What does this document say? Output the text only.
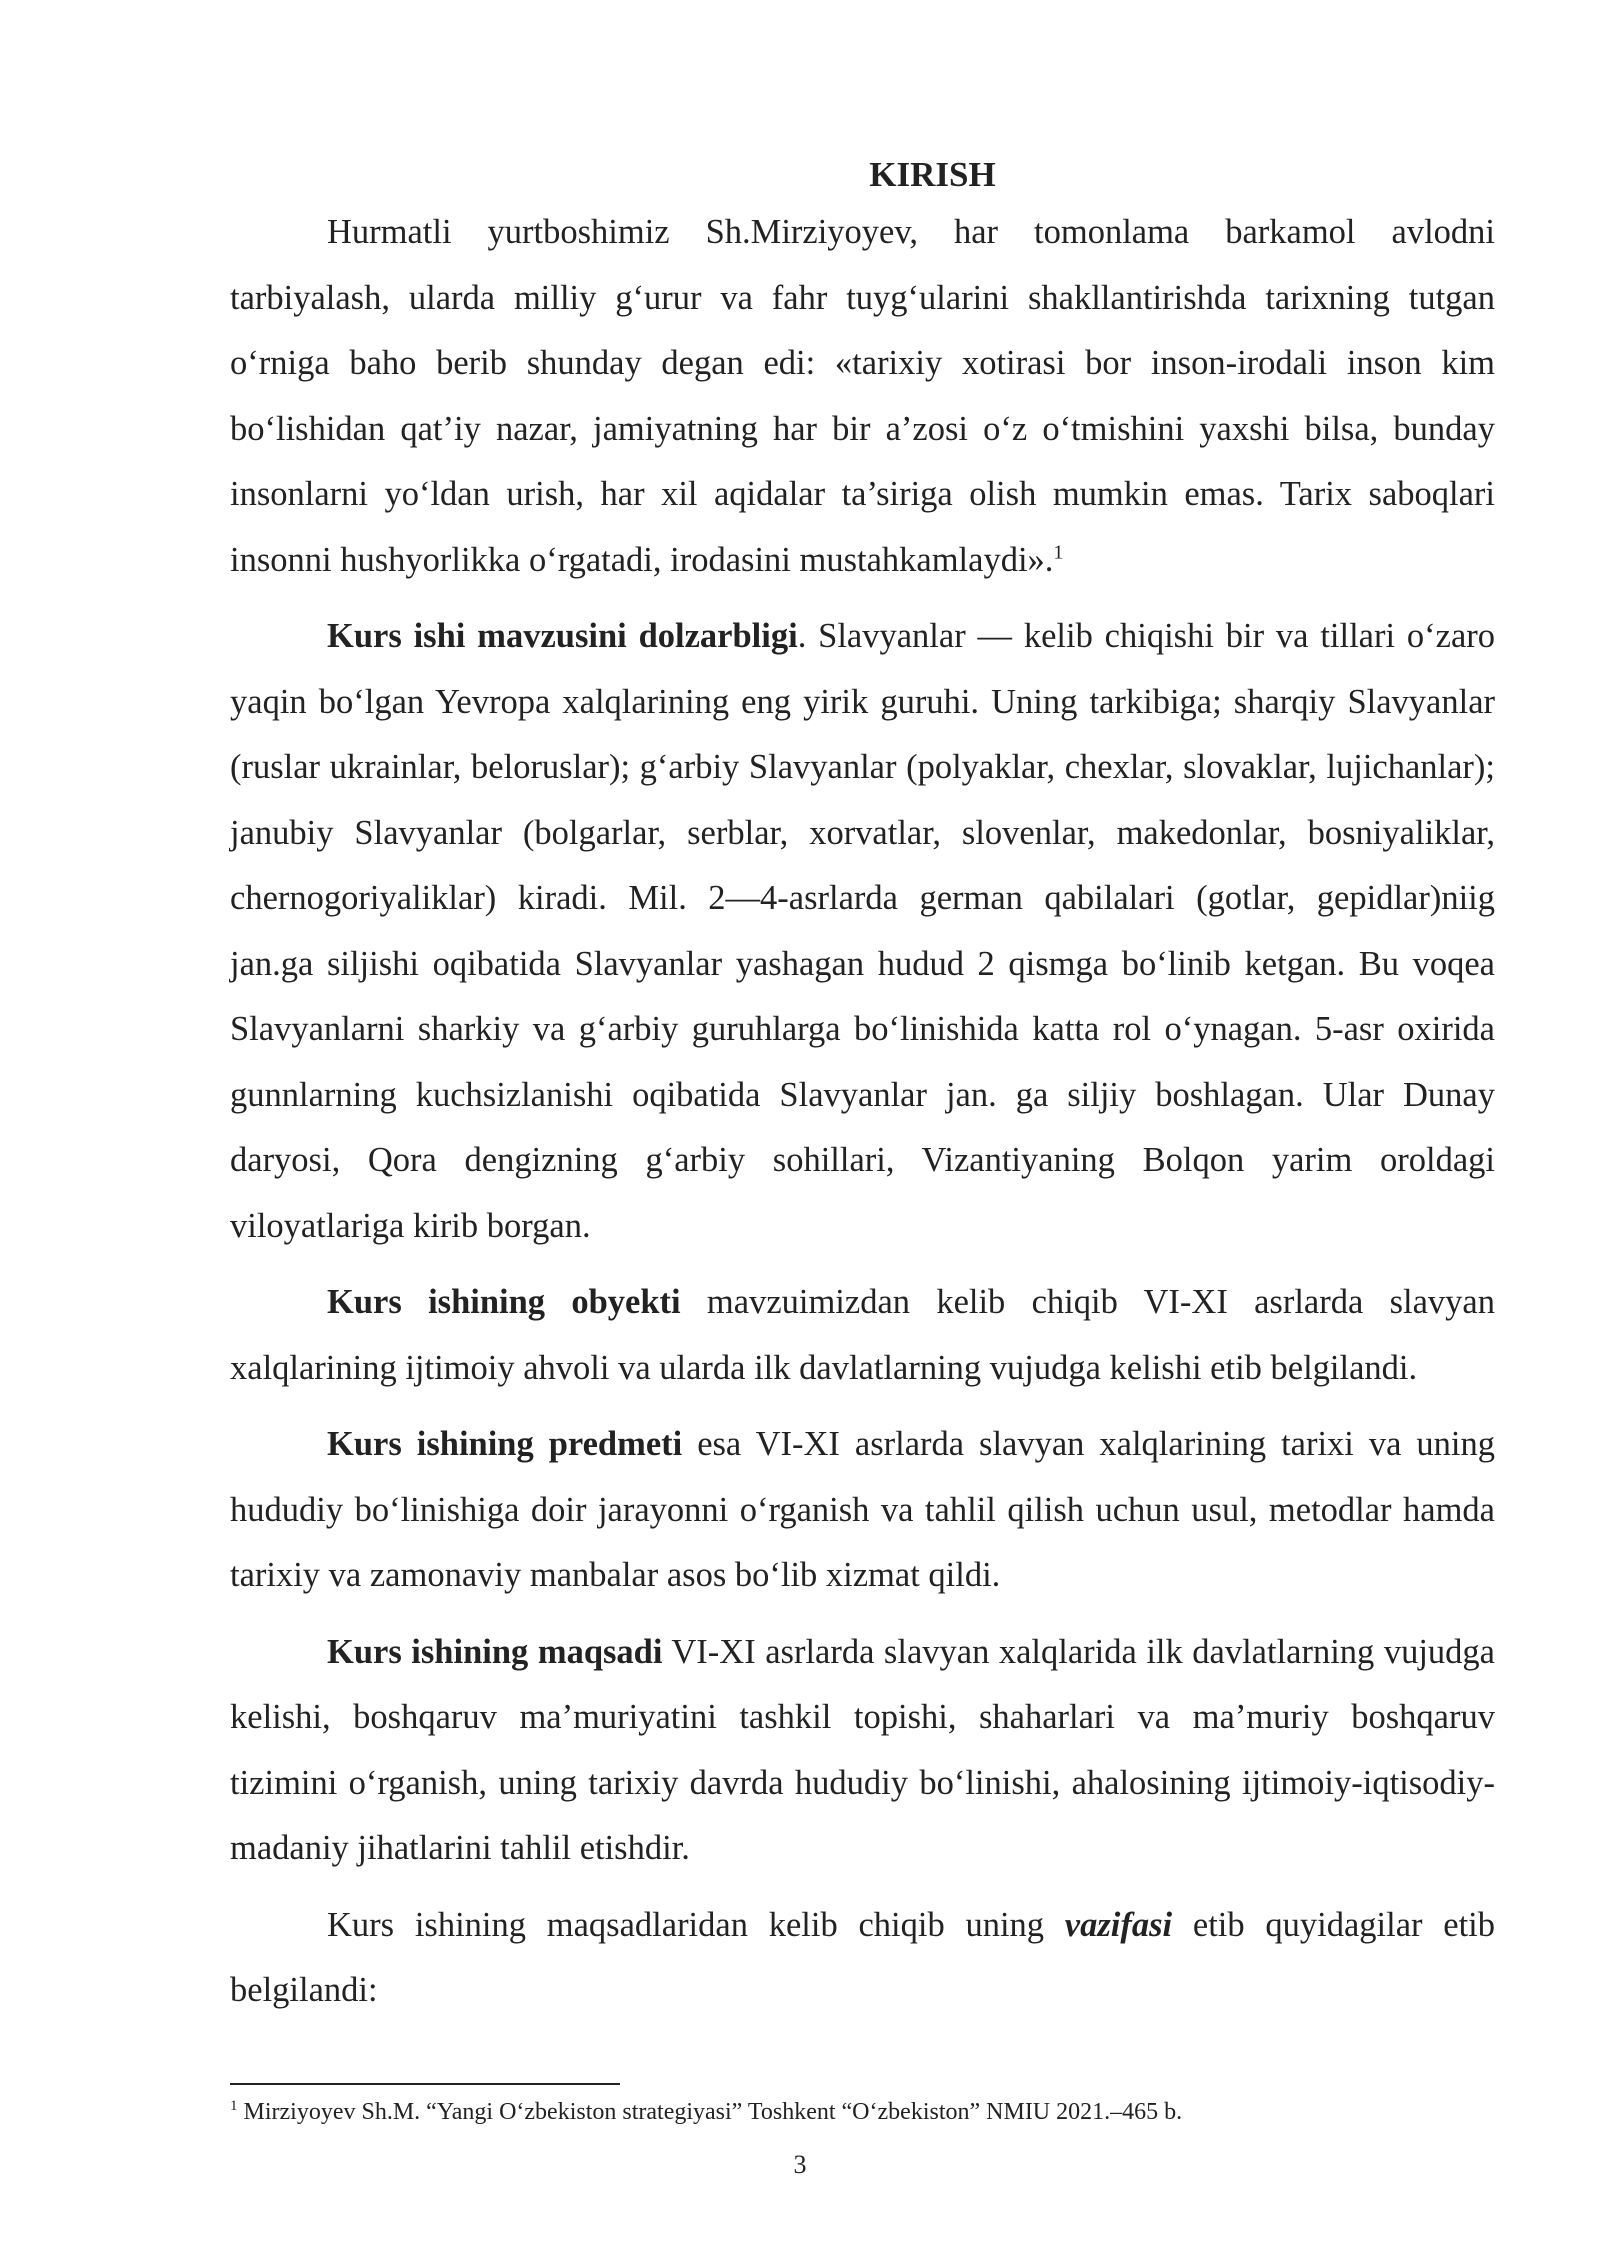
KIRISH

Hurmatli yurtboshimiz Sh.Mirziyoyev, har tomonlama barkamol avlodni tarbiyalash, ularda milliy g‘urur va fahr tuyg‘ularini shakllantirishda tarixning tutgan o‘rniga baho berib shunday degan edi: «tarixiy xotirasi bor inson-irodali inson kim bo‘lishidan qat’iy nazar, jamiyatning har bir a’zosi o‘z o‘tmishini yaxshi bilsa, bunday insonlarni yo‘ldan urish, har xil aqidalar ta’siriga olish mumkin emas. Tarix saboqlari insonni hushyorlikka o‘rgatadi, irodasini mustahkamlaydi».$^1$

Kurs ishi mavzusini dolzarbligi. Slavyanlar — kelib chiqishi bir va tillari o‘zaro yaqin bo‘lgan Yevropa xalqlarining eng yirik guruhi. Uning tarkibiga; sharqiy Slavyanlar (ruslar ukrainlar, beloruslar); g‘arbiy Slavyanlar (polyaklar, chexlar, slovaklar, lujichanlar); janubiy Slavyanlar (bolgarlar, serblar, xorvatlar, slovenlar, makedonlar, bosniyaliklar, chernogoriyaliklar) kiradi. Mil. 2—4-asrlarda german qabilalari (gotlar, gepidlar)niig jan.ga siljishi oqibatida Slavyanlar yashagan hudud 2 qismga bo‘linib ketgan. Bu voqea Slavyanlarni sharkiy va g‘arbiy guruhlarga bo‘linishida katta rol o‘ynagan. 5-asr oxirida gunnlarning kuchsizlanishi oqibatida Slavyanlar jan. ga siljiy boshlagan. Ular Dunay daryosi, Qora dengizning g‘arbiy sohillari, Vizantiyaning Bolqon yarim oroldagi viloyatlariga kirib borgan.

Kurs ishining obyekti mavzuimizdan kelib chiqib VI-XI asrlarda slavyan xalqlarining ijtimoiy ahvoli va ularda ilk davlatlarning vujudga kelishi etib belgilandi.

Kurs ishining predmeti esa VI-XI asrlarda slavyan xalqlarining tarixi va uning hududiy bo‘linishiga doir jarayonni o‘rganish va tahlil qilish uchun usul, metodlar hamda tarixiy va zamonaviy manbalar asos bo‘lib xizmat qildi.

Kurs ishining maqsadi VI-XI asrlarda slavyan xalqlarida ilk davlatlarning vujudga kelishi, boshqaruv ma’muriyatini tashkil topishi, shaharlari va ma’muriy boshqaruv tizimini o‘rganish, uning tarixiy davrda hududiy bo‘linishi, ahalosining ijtimoiy-iqtisodiy-madaniy jihatlarini tahlil etishdir.

Kurs ishining maqsadlaridan kelib chiqib uning vazifasi etib quyidagilar etib belgilandi:

$^1$ Mirziyoyev Sh.M. “Yangi O‘zbekiston strategiyasi” Toshkent “O‘zbekiston” NMIU 2021.–465 b.
3
